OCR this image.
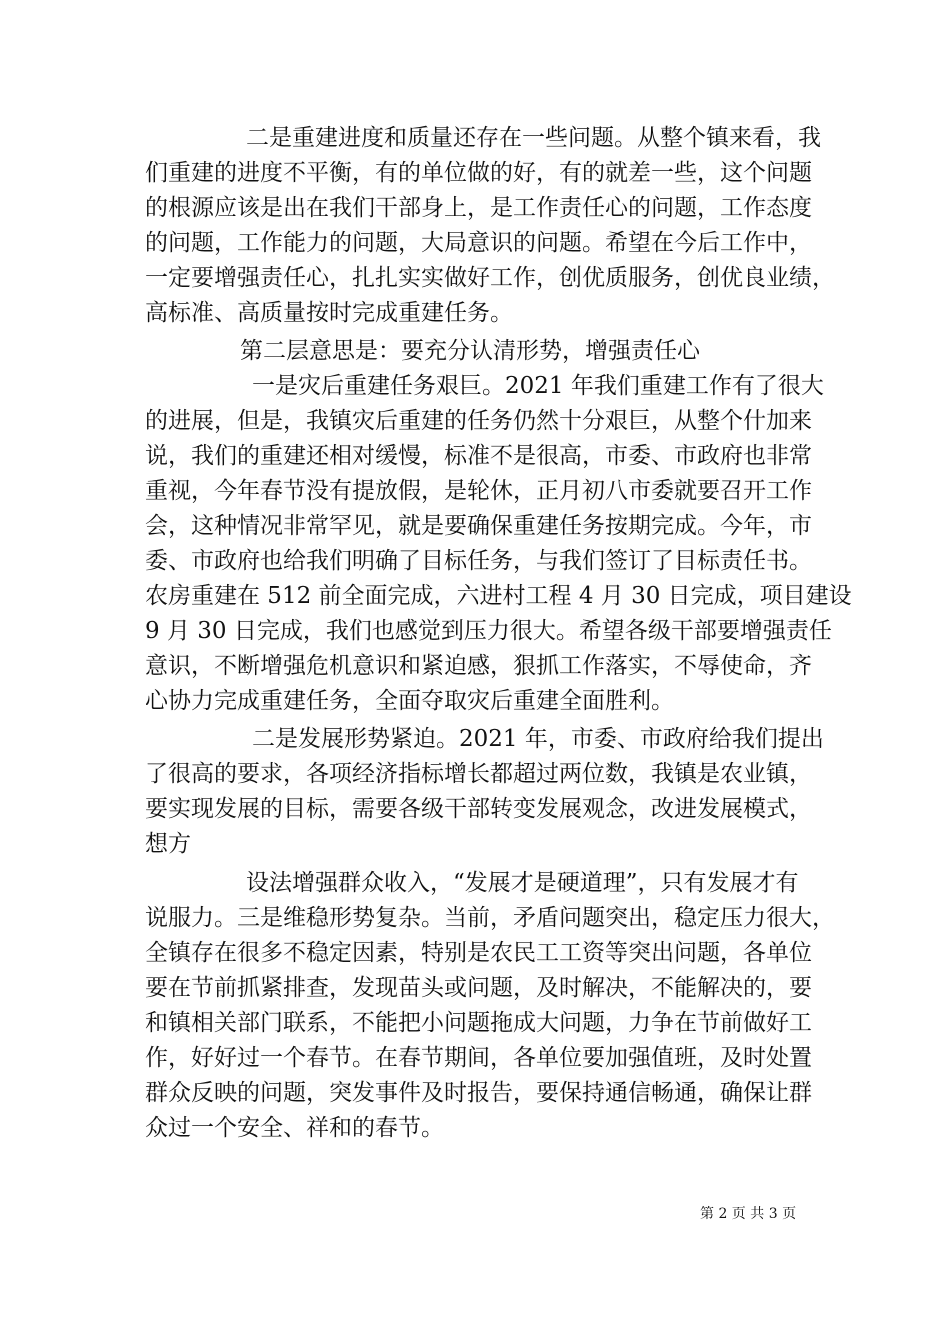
二是重建进度和质量还存在一些问题。从整个镇来看，我
们重建的进度不平衡，有的单位做的好，有的就差一些，这个问题
的根源应该是出在我们干部身上，是工作责任心的问题，工作态度
的问题，工作能力的问题，大局意识的问题。希望在今后工作中，
一定要增强责任心，扎扎实实做好工作，创优质服务，创优良业绩，
高标准、高质量按时完成重建任务。
第二层意思是：要充分认清形势，增强责任心
一是灾后重建任务艰巨。2021 年我们重建工作有了很大
的进展，但是，我镇灾后重建的任务仍然十分艰巨，从整个什加来
说，我们的重建还相对缓慢，标准不是很高，市委、市政府也非常
重视，今年春节没有提放假，是轮休，正月初八市委就要召开工作
会，这种情况非常罕见，就是要确保重建任务按期完成。今年，市
委、市政府也给我们明确了目标任务，与我们签订了目标责任书。
农房重建在 512 前全面完成，六进村工程 4 月 30 日完成，项目建设
9 月 30 日完成，我们也感觉到压力很大。希望各级干部要增强责任
意识，不断增强危机意识和紧迫感，狠抓工作落实，不辱使命，齐
心协力完成重建任务，全面夺取灾后重建全面胜利。
二是发展形势紧迫。2021 年，市委、市政府给我们提出
了很高的要求，各项经济指标增长都超过两位数，我镇是农业镇，
要实现发展的目标，需要各级干部转变发展观念，改进发展模式，
想方
设法增强群众收入，“发展才是硬道理”，只有发展才有
说服力。三是维稳形势复杂。当前，矛盾问题突出，稳定压力很大，
全镇存在很多不稳定因素，特别是农民工工资等突出问题，各单位
要在节前抓紧排查，发现苗头或问题，及时解决，不能解决的，要
和镇相关部门联系，不能把小问题拖成大问题，力争在节前做好工
作，好好过一个春节。在春节期间，各单位要加强值班，及时处置
群众反映的问题，突发事件及时报告，要保持通信畅通，确保让群
众过一个安全、祥和的春节。
第 2 页 共 3 页
